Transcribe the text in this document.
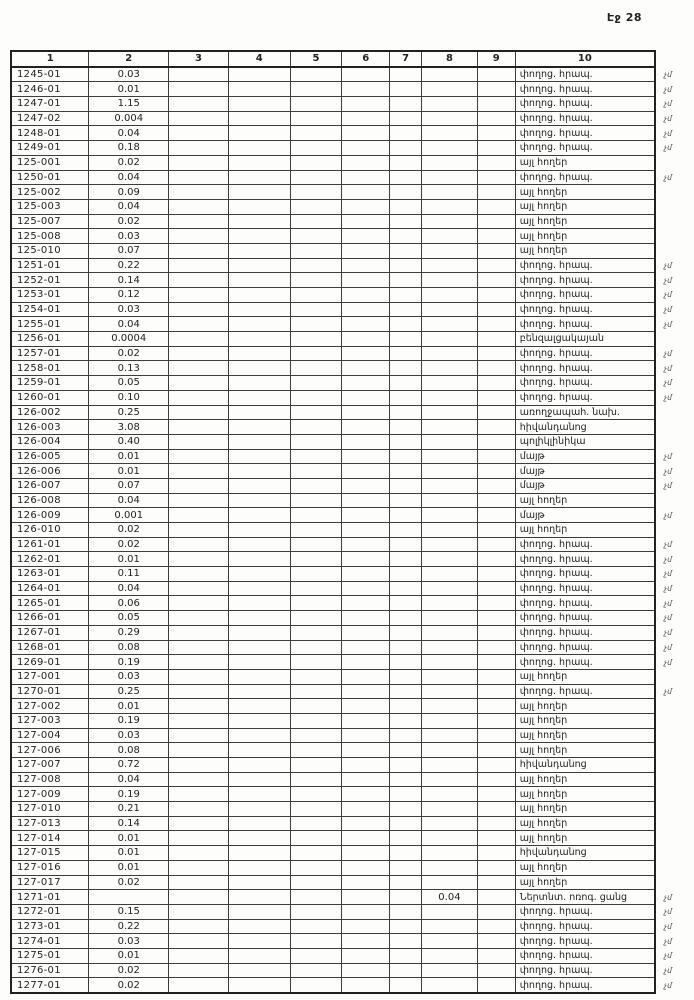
Էջ 28
1	2	3	4	5	6	7	8	9	10	
1245-01	0.03								փողոց. հրապ.	չմ
1246-01	0.01								փողոց. հրապ.	չմ
1247-01	1.15								փողոց. հրապ.	չմ
1247-02	0.004								փողոց. հրապ.	չմ
1248-01	0.04								փողոց. հրապ.	չմ
1249-01	0.18								փողոց. հրապ.	չմ
125-001	0.02								այլ հողեր	
1250-01	0.04								փողոց. հրապ.	չմ
125-002	0.09								այլ հողեր	
125-003	0.04								այլ հողեր	
125-007	0.02								այլ հողեր	
125-008	0.03								այլ հողեր	
125-010	0.07								այլ հողեր	
1251-01	0.22								փողոց. հրապ.	չմ
1252-01	0.14								փողոց. հրապ.	չմ
1253-01	0.12								փողոց. հրապ.	չմ
1254-01	0.03								փողոց. հրապ.	չմ
1255-01	0.04								փողոց. հրապ.	չմ
1256-01	0.0004								բենզալցակայան	
1257-01	0.02								փողոց. հրապ.	չմ
1258-01	0.13								փողոց. հրապ.	չմ
1259-01	0.05								փողոց. հրապ.	չմ
1260-01	0.10								փողոց. հրապ.	չմ
126-002	0.25								առողջապահ. նախ.	
126-003	3.08								հիվանդանոց	
126-004	0.40								պոլիկլինիկա	
126-005	0.01								մայթ	չմ
126-006	0.01								մայթ	չմ
126-007	0.07								մայթ	չմ
126-008	0.04								այլ հողեր	
126-009	0.001								մայթ	չմ
126-010	0.02								այլ հողեր	
1261-01	0.02								փողոց. հրապ.	չմ
1262-01	0.01								փողոց. հրապ.	չմ
1263-01	0.11								փողոց. հրապ.	չմ
1264-01	0.04								փողոց. հրապ.	չմ
1265-01	0.06								փողոց. հրապ.	չմ
1266-01	0.05								փողոց. հրապ.	չմ
1267-01	0.29								փողոց. հրապ.	չմ
1268-01	0.08								փողոց. հրապ.	չմ
1269-01	0.19								փողոց. հրապ.	չմ
127-001	0.03								այլ հողեր	
1270-01	0.25								փողոց. հրապ.	չմ
127-002	0.01								այլ հողեր	
127-003	0.19								այլ հողեր	
127-004	0.03								այլ հողեր	
127-006	0.08								այլ հողեր	
127-007	0.72								հիվանդանոց	
127-008	0.04								այլ հողեր	
127-009	0.19								այլ հողեր	
127-010	0.21								այլ հողեր	
127-013	0.14								այլ հողեր	
127-014	0.01								այլ հողեր	
127-015	0.01								հիվանդանոց	
127-016	0.01								այլ հողեր	
127-017	0.02								այլ հողեր	
1271-01							0.04		Ներտնտ. ոռոգ. ցանց	չմ
1272-01	0.15								փողոց. հրապ.	չմ
1273-01	0.22								փողոց. հրապ.	չմ
1274-01	0.03								փողոց. հրապ.	չմ
1275-01	0.01								փողոց. հրապ.	չմ
1276-01	0.02								փողոց. հրապ.	չմ
1277-01	0.02								փողոց. հրապ.	չմ
